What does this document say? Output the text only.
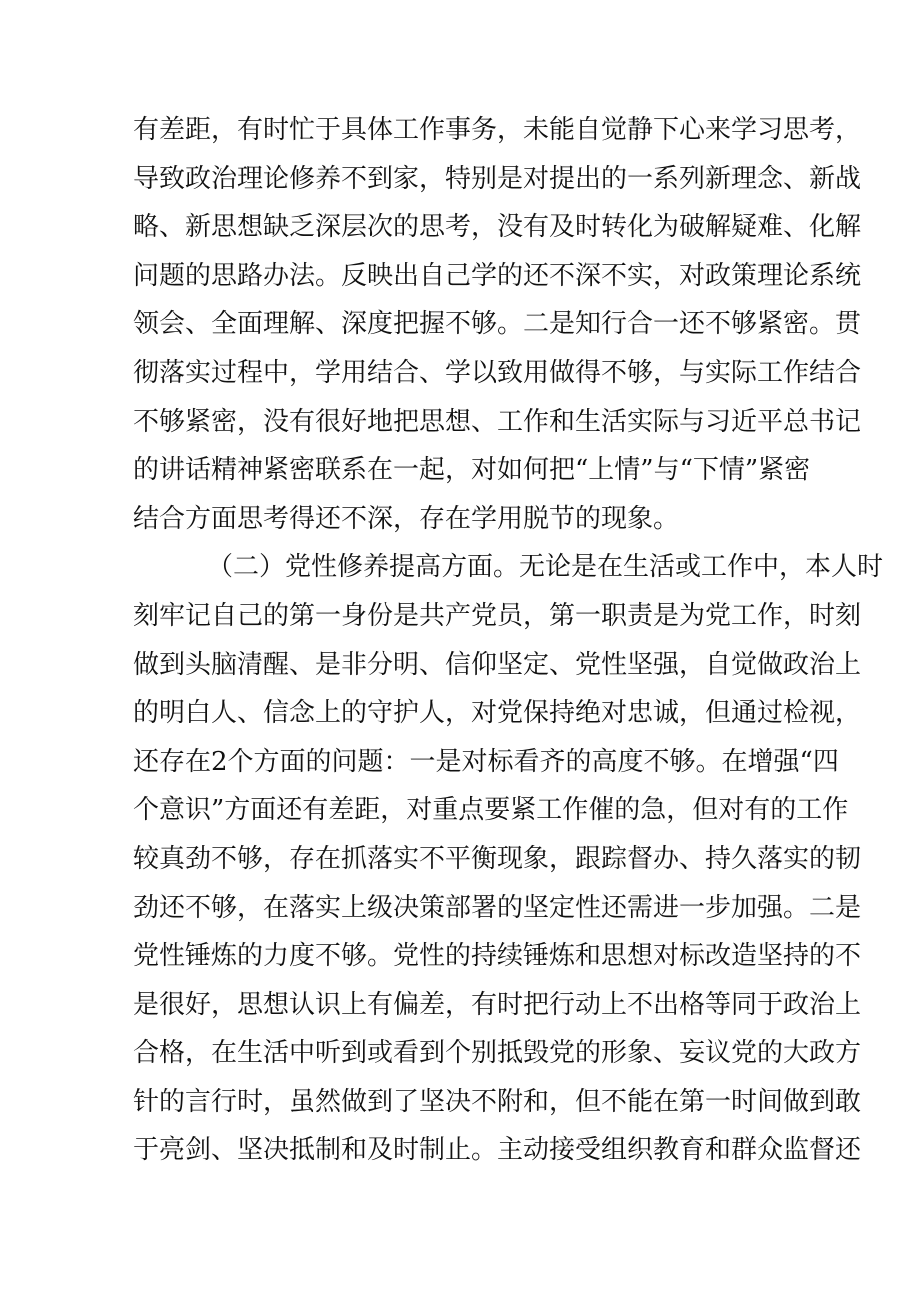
有差距，有时忙于具体工作事务，未能自觉静下心来学习思考，
导致政治理论修养不到家，特别是对提出的一系列新理念、新战
略、新思想缺乏深层次的思考，没有及时转化为破解疑难、化解
问题的思路办法。反映出自己学的还不深不实，对政策理论系统
领会、全面理解、深度把握不够。二是知行合一还不够紧密。贯
彻落实过程中，学用结合、学以致用做得不够，与实际工作结合
不够紧密，没有很好地把思想、工作和生活实际与习近平总书记
的讲话精神紧密联系在一起，对如何把“上情”与“下情”紧密
结合方面思考得还不深，存在学用脱节的现象。
（二）党性修养提高方面。无论是在生活或工作中，本人时
刻牢记自己的第一身份是共产党员，第一职责是为党工作，时刻
做到头脑清醒、是非分明、信仰坚定、党性坚强，自觉做政治上
的明白人、信念上的守护人，对党保持绝对忠诚，但通过检视，
还存在2个方面的问题：一是对标看齐的高度不够。在增强“四
个意识”方面还有差距，对重点要紧工作催的急，但对有的工作
较真劲不够，存在抓落实不平衡现象，跟踪督办、持久落实的韧
劲还不够，在落实上级决策部署的坚定性还需进一步加强。二是
党性锤炼的力度不够。党性的持续锤炼和思想对标改造坚持的不
是很好，思想认识上有偏差，有时把行动上不出格等同于政治上
合格，在生活中听到或看到个别抵毁党的形象、妄议党的大政方
针的言行时，虽然做到了坚决不附和，但不能在第一时间做到敢
于亮剑、坚决抵制和及时制止。主动接受组织教育和群众监督还
